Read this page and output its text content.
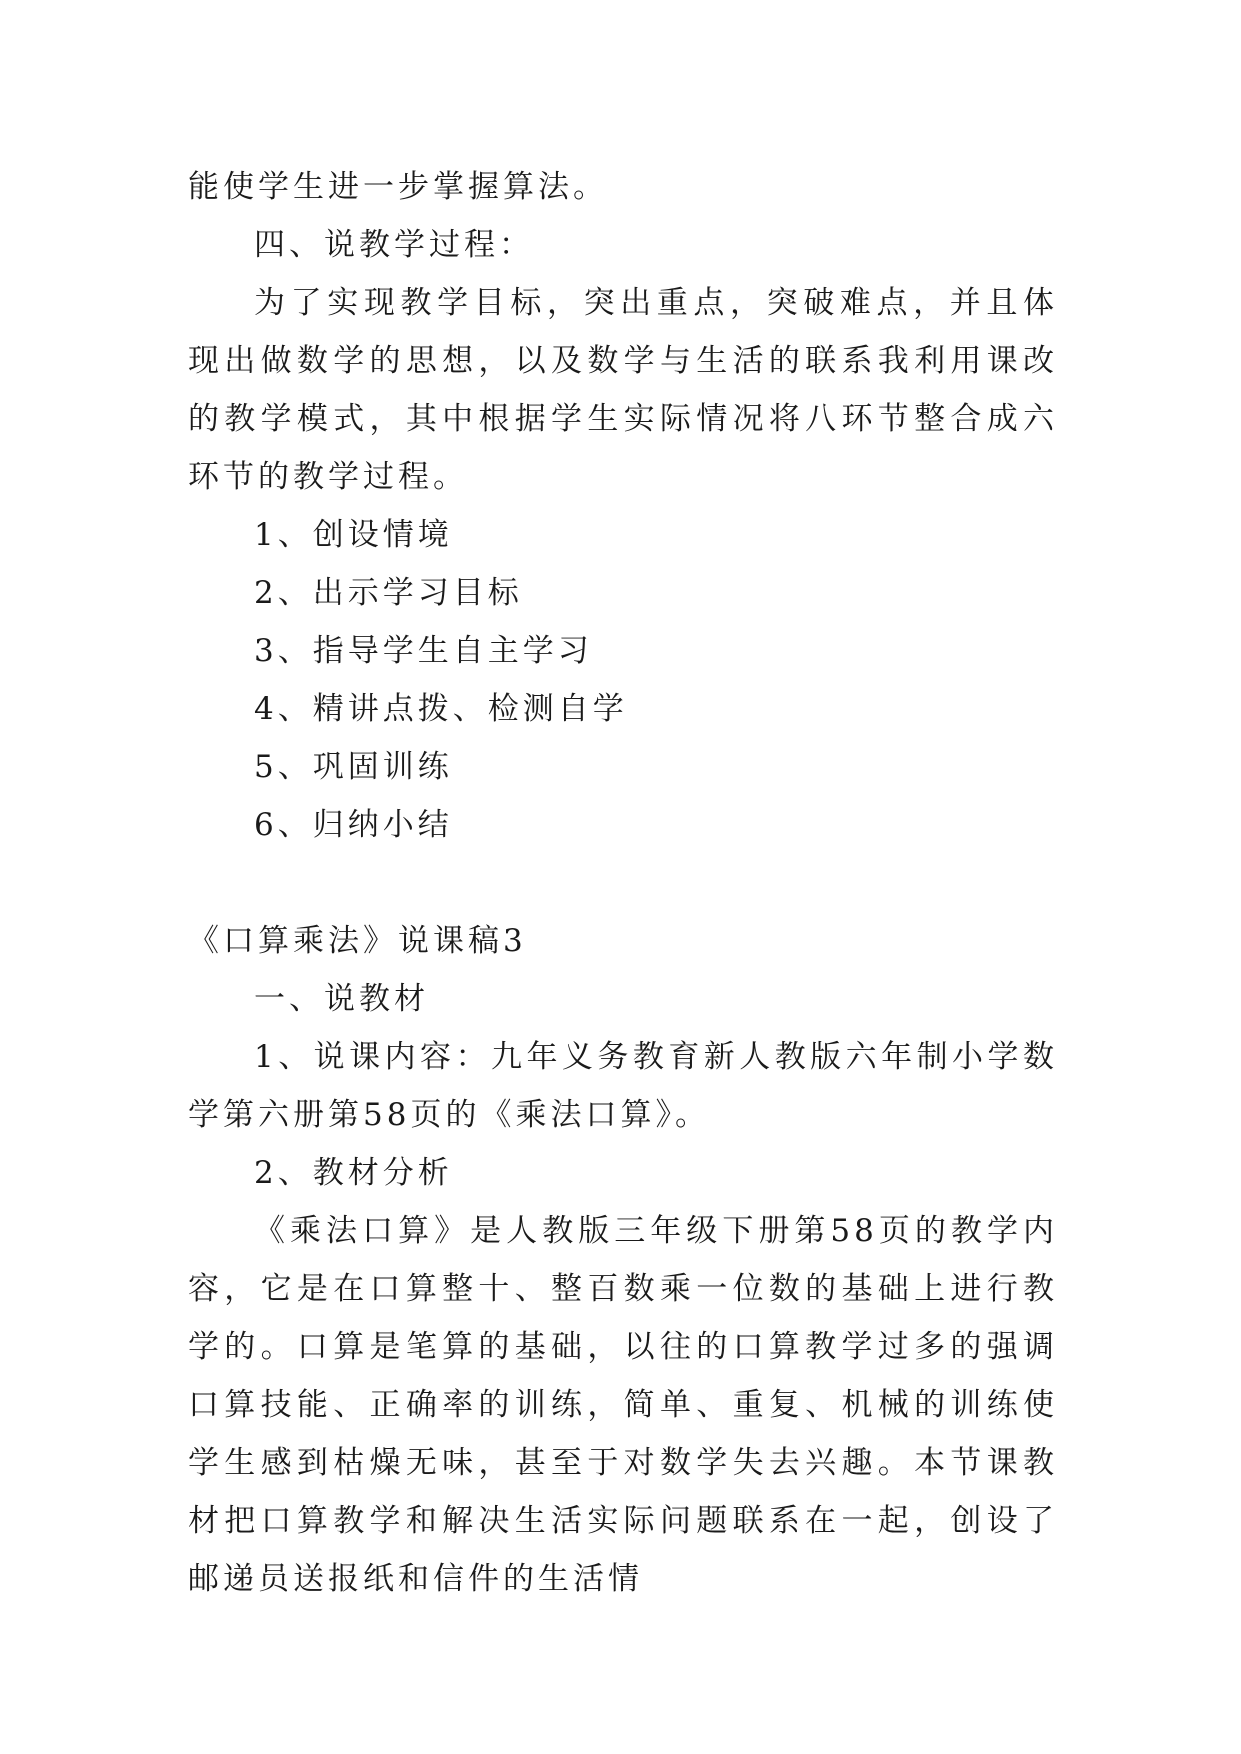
能使学生进一步掌握算法。

四、说教学过程：

为了实现教学目标，突出重点，突破难点，并且体现出做数学的思想，以及数学与生活的联系我利用课改的教学模式，其中根据学生实际情况将八环节整合成六环节的教学过程。

1、创设情境

2、出示学习目标

3、指导学生自主学习

4、精讲点拨、检测自学

5、巩固训练

6、归纳小结

《口算乘法》说课稿3

一、说教材

1、说课内容：九年义务教育新人教版六年制小学数学第六册第58页的《乘法口算》。

2、教材分析

《乘法口算》是人教版三年级下册第58页的教学内容，它是在口算整十、整百数乘一位数的基础上进行教学的。口算是笔算的基础，以往的口算教学过多的强调口算技能、正确率的训练，简单、重复、机械的训练使学生感到枯燥无味，甚至于对数学失去兴趣。本节课教材把口算教学和解决生活实际问题联系在一起，创设了邮递员送报纸和信件的生活情
